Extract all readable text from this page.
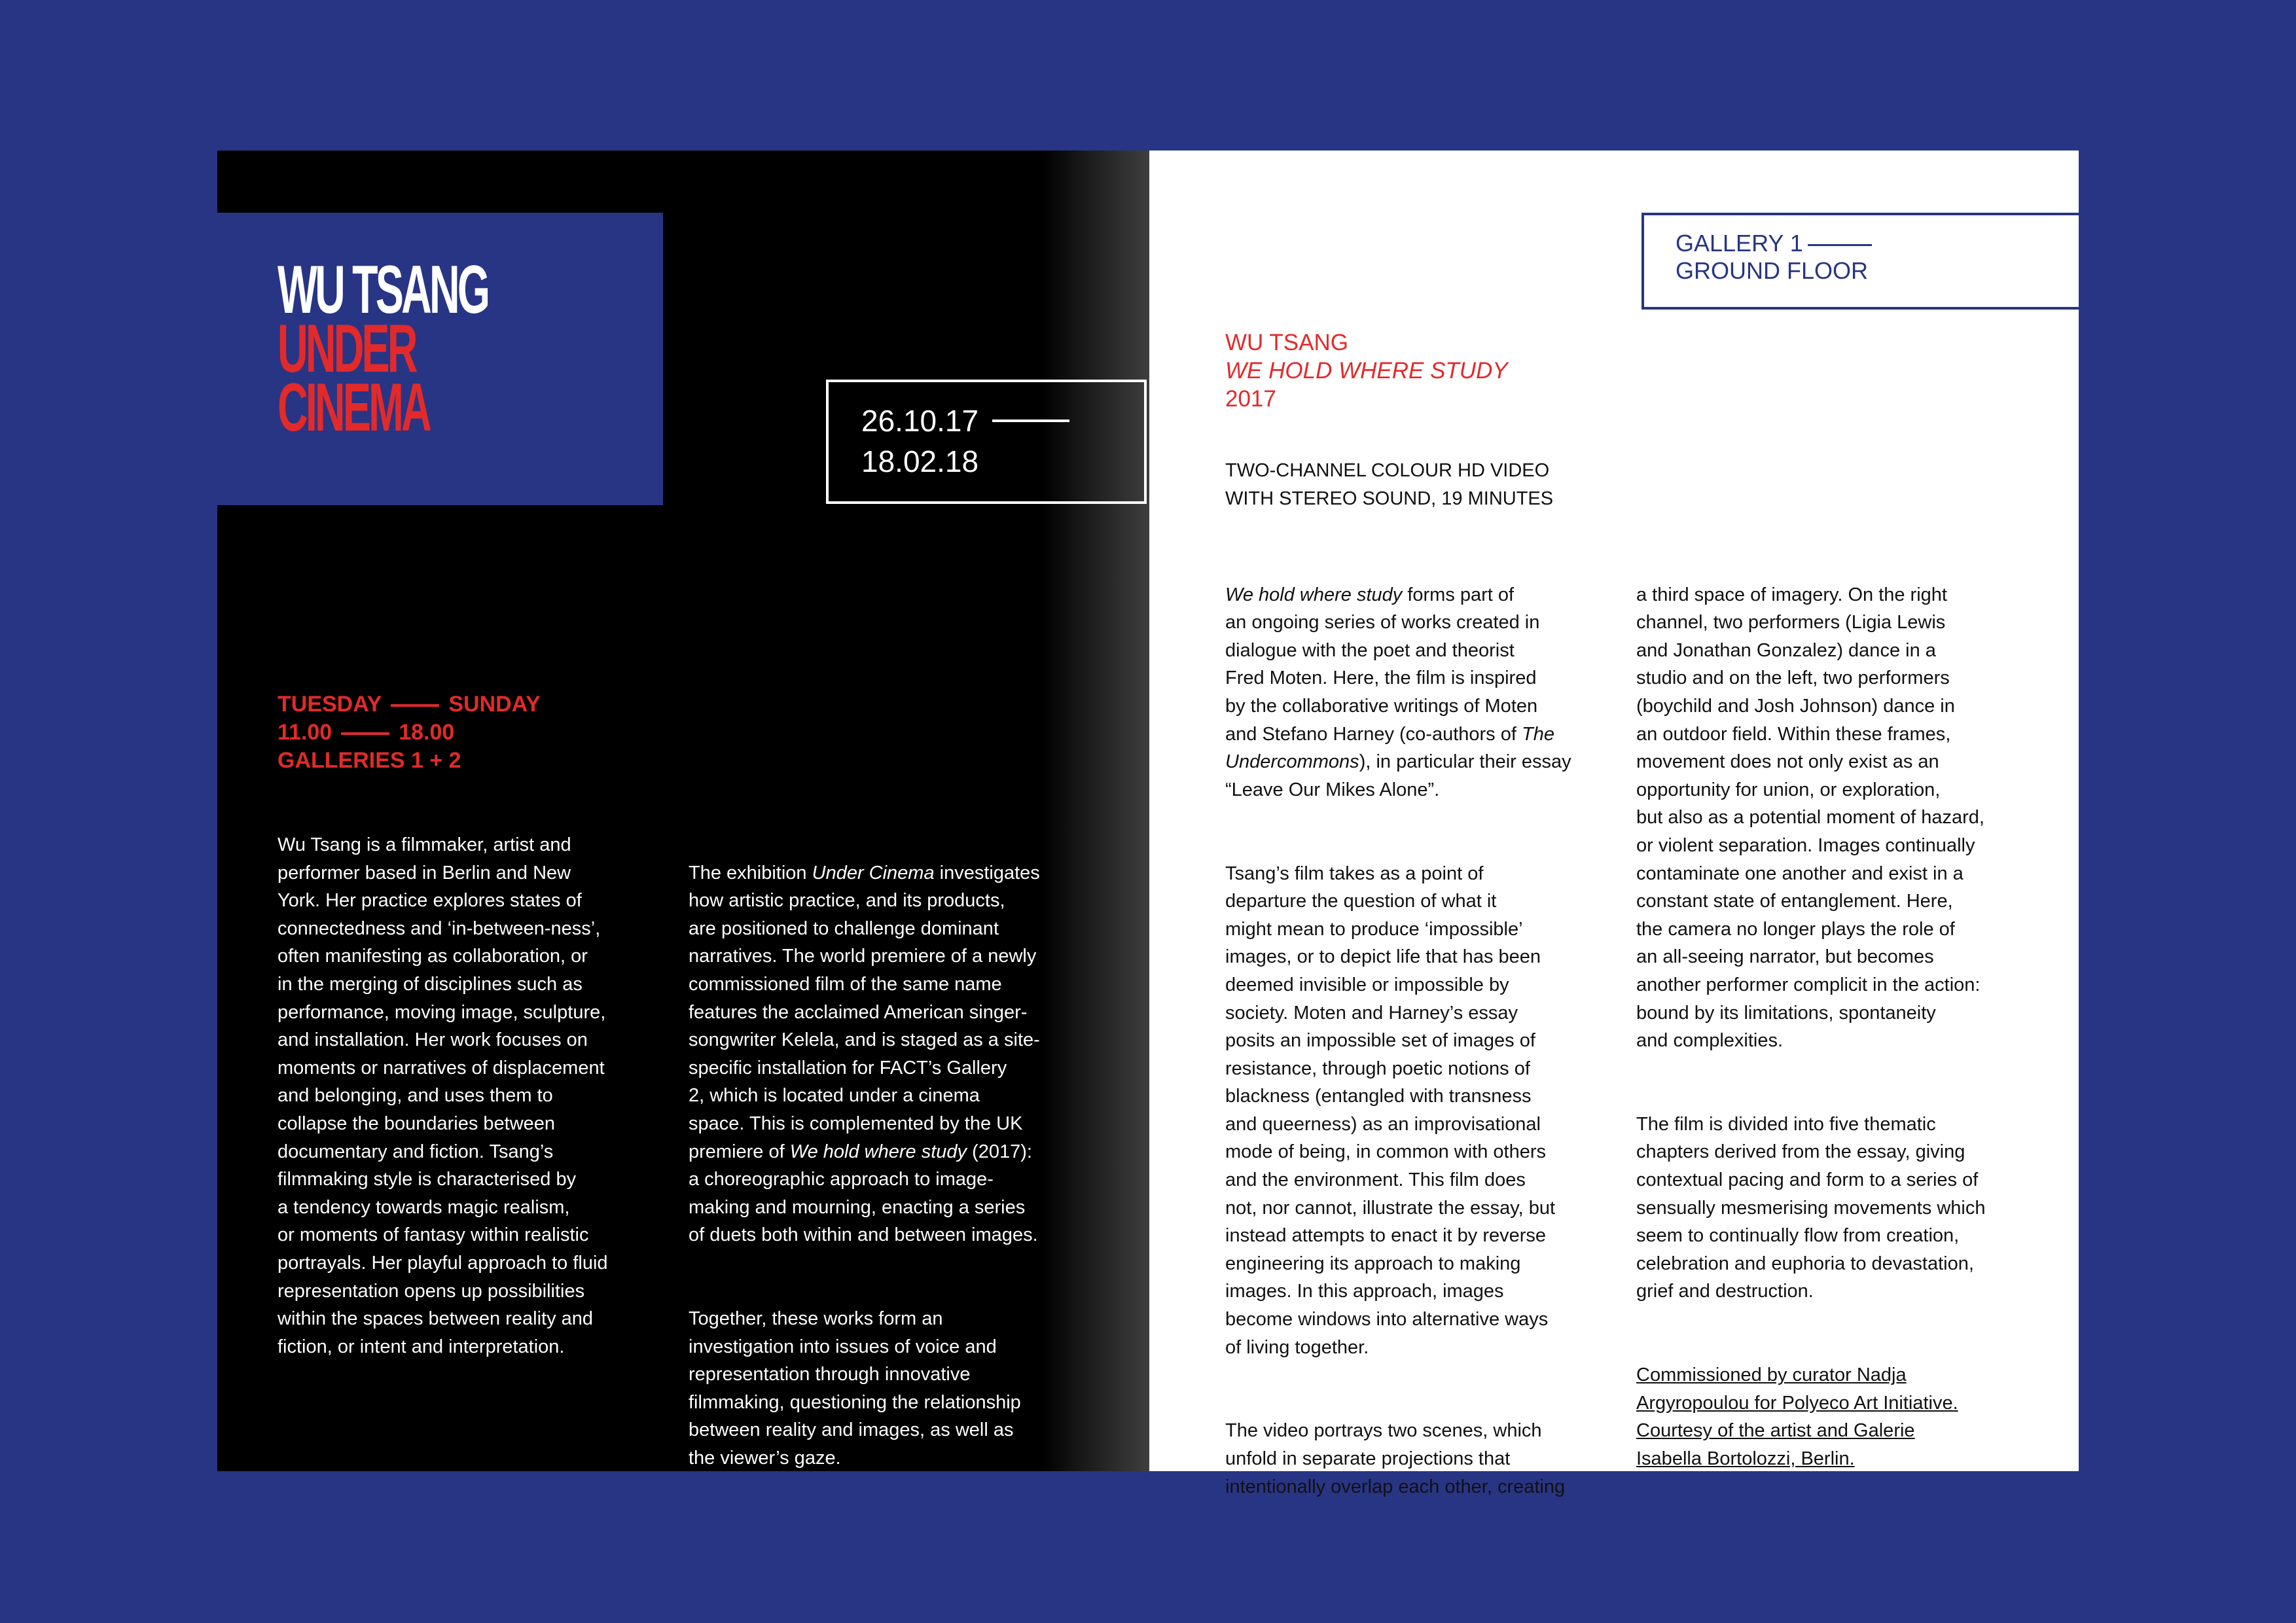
WU TSANG
UNDER
CINEMA	26.10.17
18.02.18
TUESDAY	SUNDAY
11.00	18.00
GALLERIES 1 + 2
Wu Tsang is a filmmaker, artist and
performer based in Berlin and New
York. Her practice explores states of
connectedness and ‘in-between-ness’,
often manifesting as collaboration, or
in the merging of disciplines such as
performance, moving image, sculpture,
and installation. Her work focuses on
moments or narratives of displacement
and belonging, and uses them to
collapse the boundaries between
documentary and fiction. Tsang’s
filmmaking style is characterised by
a tendency towards magic realism,
or moments of fantasy within realistic
portrayals. Her playful approach to fluid
representation opens up possibilities
within the spaces between reality and
fiction, or intent and interpretation.

The exhibition Under Cinema investigates
how artistic practice, and its products,
are positioned to challenge dominant
narratives. The world premiere of a newly
commissioned film of the same name
features the acclaimed American singer-
songwriter Kelela, and is staged as a site-
specific installation for FACT’s Gallery
2, which is located under a cinema
space. This is complemented by the UK
premiere of We hold where study (2017):
a choreographic approach to image-
making and mourning, enacting a series
of duets both within and between images.

Together, these works form an
investigation into issues of voice and
representation through innovative
filmmaking, questioning the relationship
between reality and images, as well as
the viewer’s gaze.

GALLERY 1
GROUND FLOOR
WU TSANG
WE HOLD WHERE STUDY
2017
TWO-CHANNEL COLOUR HD VIDEO
WITH STEREO SOUND, 19 MINUTES

We hold where study forms part of
an ongoing series of works created in
dialogue with the poet and theorist
Fred Moten. Here, the film is inspired
by the collaborative writings of Moten
and Stefano Harney (co-authors of The
Undercommons), in particular their essay
“Leave Our Mikes Alone”.

Tsang’s film takes as a point of
departure the question of what it
might mean to produce ‘impossible’
images, or to depict life that has been
deemed invisible or impossible by
society. Moten and Harney’s essay
posits an impossible set of images of
resistance, through poetic notions of
blackness (entangled with transness
and queerness) as an improvisational
mode of being, in common with others
and the environment. This film does
not, nor cannot, illustrate the essay, but
instead attempts to enact it by reverse
engineering its approach to making
images. In this approach, images
become windows into alternative ways
of living together.

The video portrays two scenes, which
unfold in separate projections that
intentionally overlap each other, creating

a third space of imagery. On the right
channel, two performers (Ligia Lewis
and Jonathan Gonzalez) dance in a
studio and on the left, two performers
(boychild and Josh Johnson) dance in
an outdoor field. Within these frames,
movement does not only exist as an
opportunity for union, or exploration,
but also as a potential moment of hazard,
or violent separation. Images continually
contaminate one another and exist in a
constant state of entanglement. Here,
the camera no longer plays the role of
an all-seeing narrator, but becomes
another performer complicit in the action:
bound by its limitations, spontaneity
and complexities.

The film is divided into five thematic
chapters derived from the essay, giving
contextual pacing and form to a series of
sensually mesmerising movements which
seem to continually flow from creation,
celebration and euphoria to devastation,
grief and destruction.

Commissioned by curator Nadja
Argyropoulou for Polyeco Art Initiative.
Courtesy of the artist and Galerie
Isabella Bortolozzi, Berlin.
